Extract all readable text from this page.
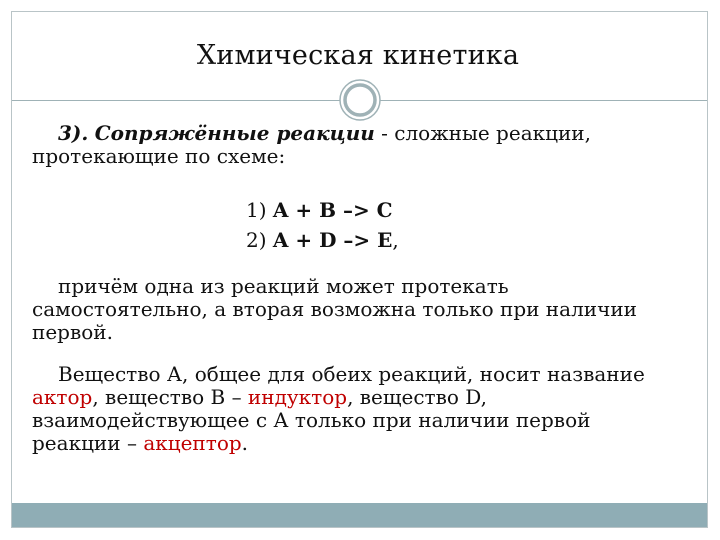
Химическая кинетика

3). Сопряжённые реакции - сложные реакции,
протекающие по схеме:

1) A + B –> C
2) A + D –> E,

причём одна из реакций может протекать самостоятельно, а вторая возможна только при наличии первой.

Вещество А, общее для обеих реакций, носит название актор, вещество В – индуктор, вещество D, взаимодействующее с А только при наличии первой реакции – акцептор.
